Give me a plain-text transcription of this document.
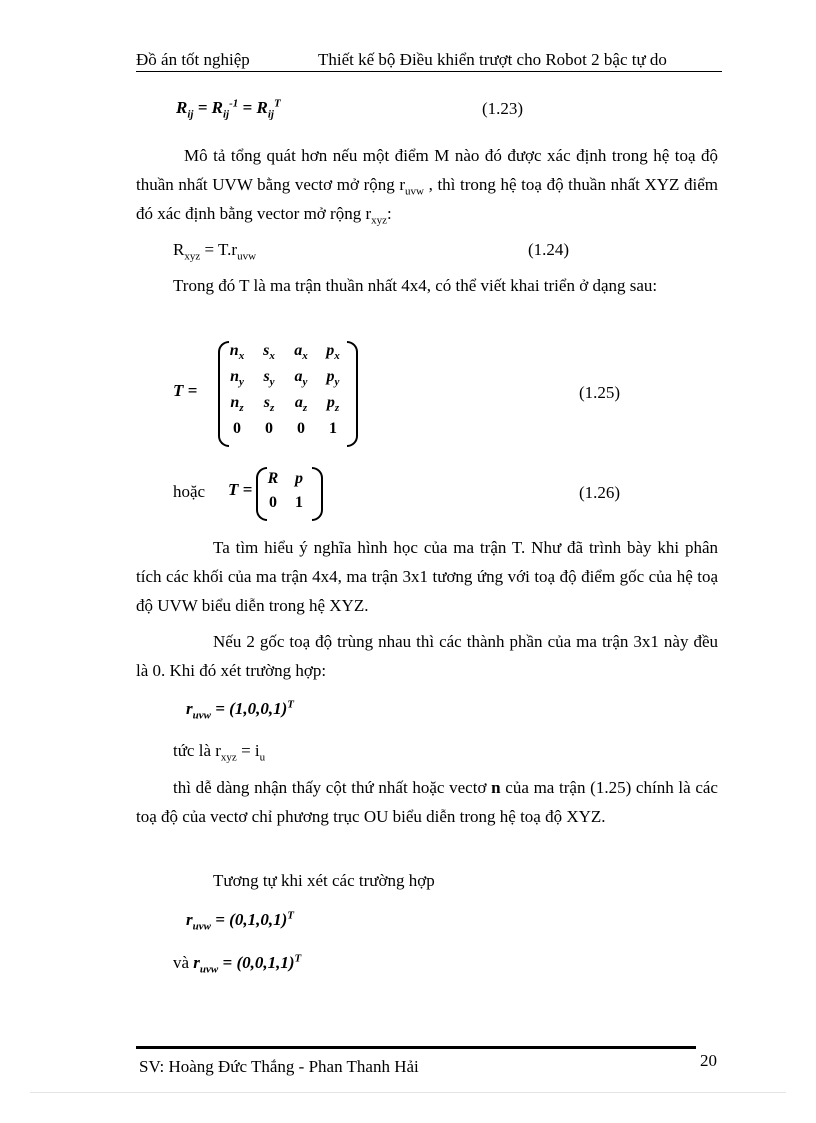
Đồ án tốt nghiệp	Thiết kế bộ Điều khiển trượt cho Robot 2 bậc tự do
$R_{ij} = R_{ij}^{-1} = R_{ij}^T$	(1.23)
Mô tả tổng quát hơn nếu một điểm M nào đó được xác định trong hệ toạ độ thuần nhất UVW bằng vectơ mở rộng $r_{uvw}$ , thì trong hệ toạ độ thuần nhất XYZ điểm đó xác định bằng vector mở rộng $r_{xyz}$:
$R_{xyz} = T.r_{uvw}$	(1.24)
Trong đó T là ma trận thuần nhất 4x4, có thể viết khai triển ở dạng sau:
T =
$n_x$	$s_x$	$a_x$	$p_x$
$n_y$	$s_y$	$a_y$	$p_y$
$n_z$	$s_z$	$a_z$	$p_z$
0	0	0	1
(1.25)
hoặc T =
R	p
0	1
(1.26)
Ta tìm hiểu ý nghĩa hình học của ma trận T. Như đã trình bày khi phân tích các khối của ma trận 4x4, ma trận 3x1 tương ứng với toạ độ điểm gốc của hệ toạ độ UVW biểu diễn trong hệ XYZ.
Nếu 2 gốc toạ độ trùng nhau thì các thành phần của ma trận 3x1 này đều là 0. Khi đó xét trường hợp:
$r_{uvw} = (1,0,0,1)^T$
tức là $r_{xyz} = i_u$
thì dễ dàng nhận thấy cột thứ nhất hoặc vectơ n của ma trận (1.25) chính là các toạ độ của vectơ chỉ phương trục OU biểu diễn trong hệ toạ độ XYZ.
Tương tự khi xét các trường hợp
$r_{uvw} = (0,1,0,1)^T$
và $r_{uvw} = (0,0,1,1)^T$
SV: Hoàng Đức Thắng - Phan Thanh Hải	20
